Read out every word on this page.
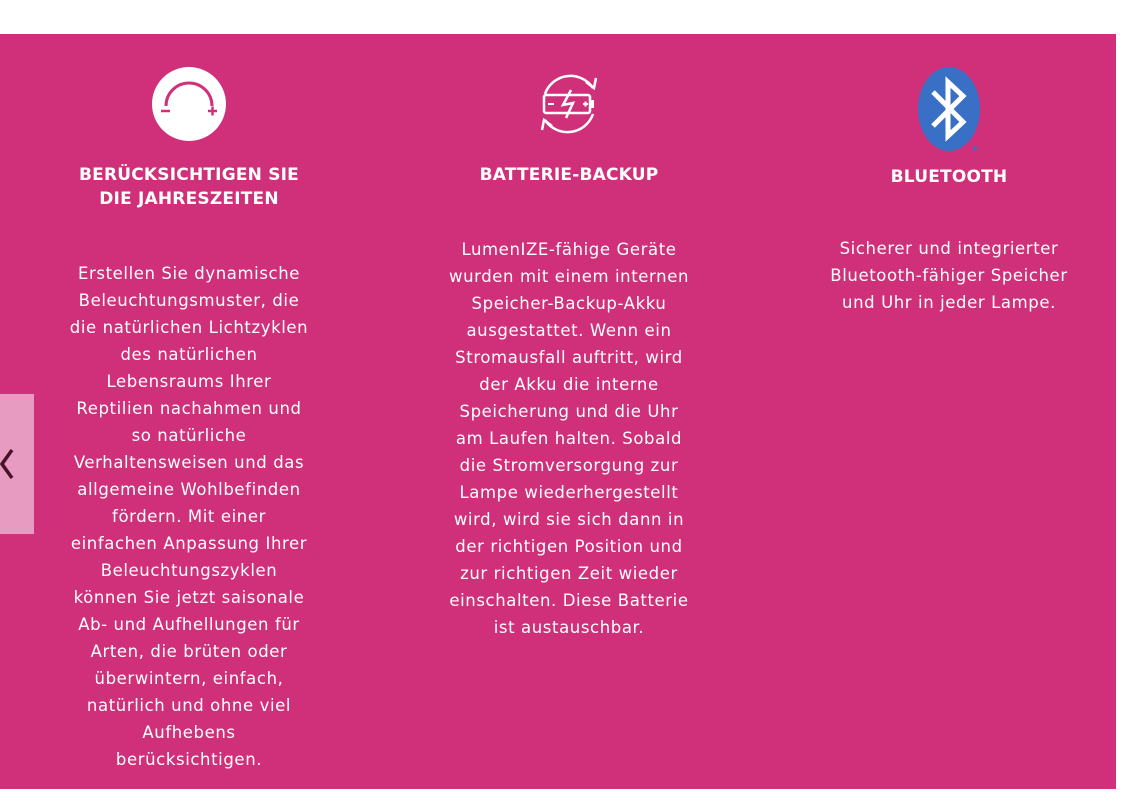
BERÜCKSICHTIGEN SIE DIE JAHRESZEITEN
Erstellen Sie dynamische Beleuchtungsmuster, die die natürlichen Lichtzyklen des natürlichen Lebensraums Ihrer Reptilien nachahmen und so natürliche Verhaltensweisen und das allgemeine Wohlbefinden fördern. Mit einer einfachen Anpassung Ihrer Beleuchtungszyklen können Sie jetzt saisonale Ab- und Aufhellungen für Arten, die brüten oder überwintern, einfach, natürlich und ohne viel Aufhebens berücksichtigen.
BATTERIE-BACKUP
LumenIZE-fähige Geräte wurden mit einem internen Speicher-Backup-Akku ausgestattet. Wenn ein Stromausfall auftritt, wird der Akku die interne Speicherung und die Uhr am Laufen halten. Sobald die Stromversorgung zur Lampe wiederhergestellt wird, wird sie sich dann in der richtigen Position und zur richtigen Zeit wieder einschalten. Diese Batterie ist austauschbar.
BLUETOOTH
Sicherer und integrierter Bluetooth-fähiger Speicher und Uhr in jeder Lampe.
